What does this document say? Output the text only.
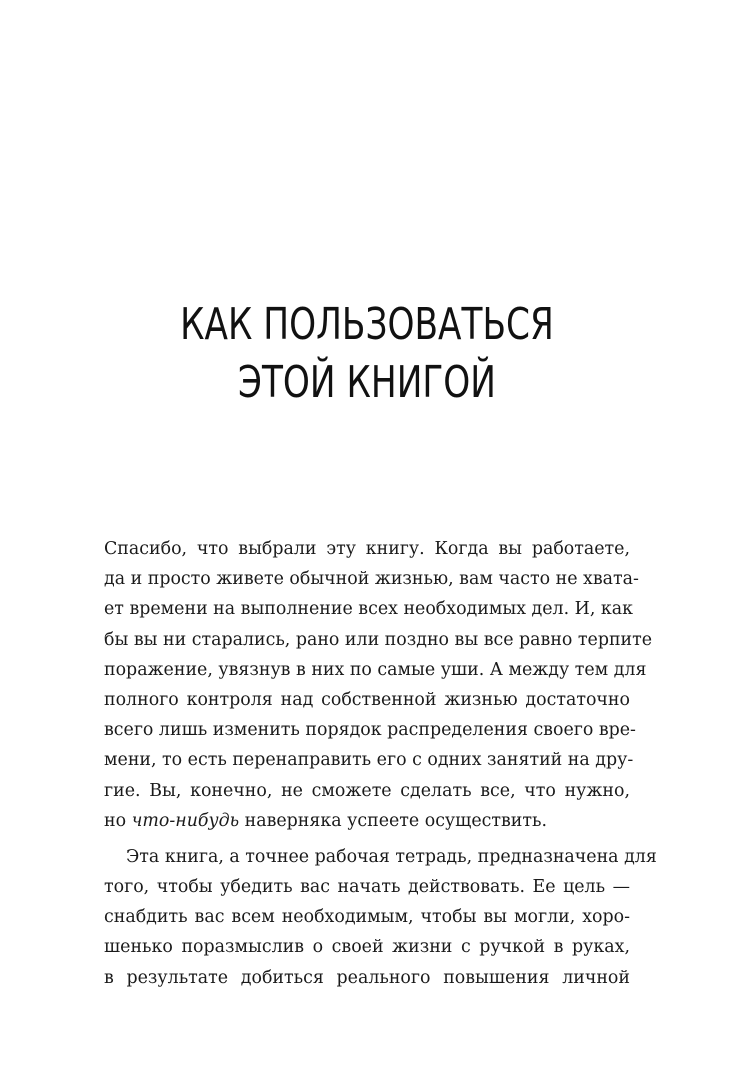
КАК ПОЛЬЗОВАТЬСЯ
ЭТОЙ КНИГОЙ
Спасибо, что выбрали эту книгу. Когда вы работаете,
да и просто живете обычной жизнью, вам часто не хвата-
ет времени на выполнение всех необходимых дел. И, как
бы вы ни старались, рано или поздно вы все равно терпите
поражение, увязнув в них по самые уши. А между тем для
полного контроля над собственной жизнью достаточно
всего лишь изменить порядок распределения своего вре-
мени, то есть перенаправить его с одних занятий на дру-
гие. Вы, конечно, не сможете сделать все, что нужно,
но что-нибудь наверняка успеете осуществить.
Эта книга, а точнее рабочая тетрадь, предназначена для
того, чтобы убедить вас начать действовать. Ее цель —
снабдить вас всем необходимым, чтобы вы могли, хоро-
шенько поразмыслив о своей жизни с ручкой в руках,
в результате добиться реального повышения личной
